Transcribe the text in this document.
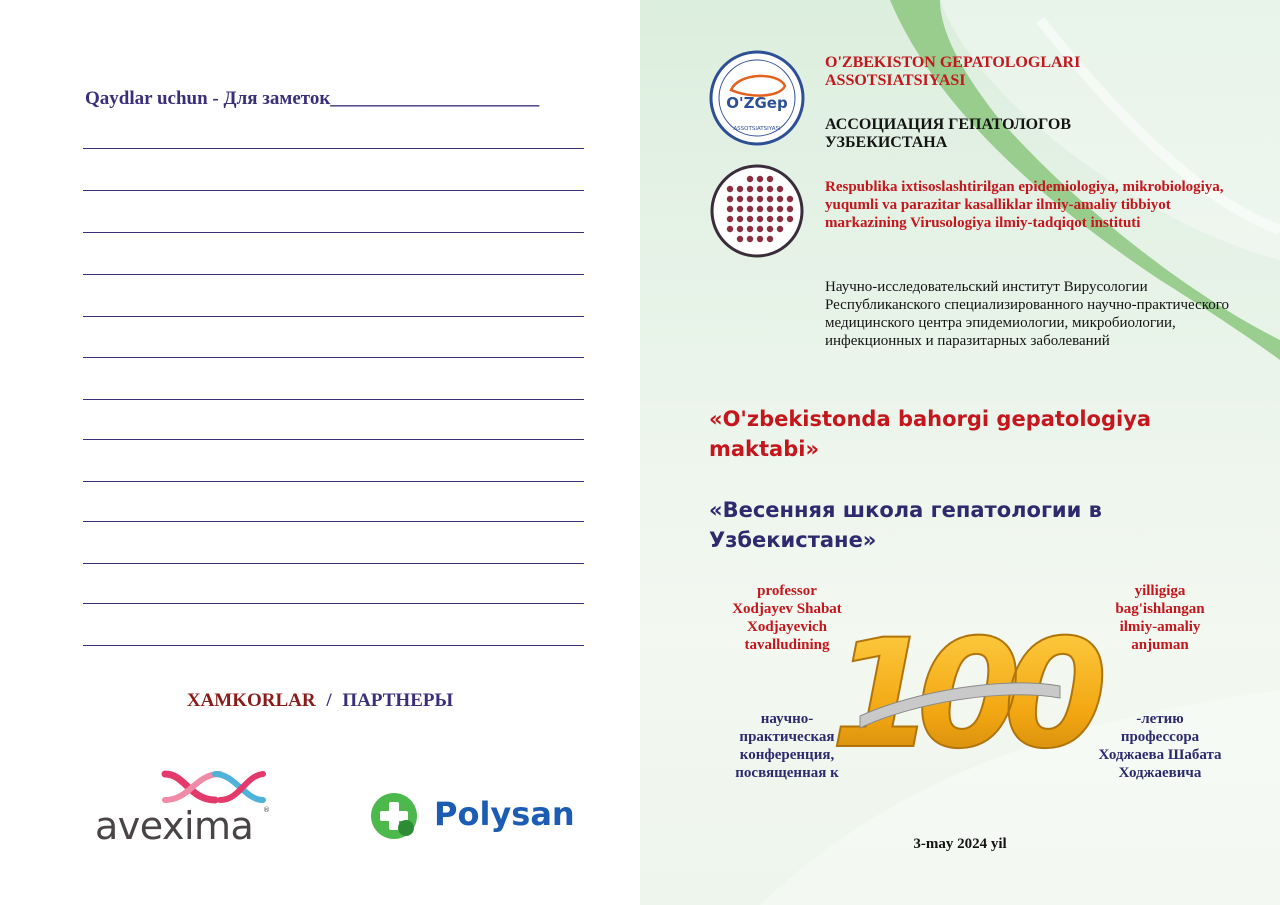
Qaydlar uchun - Для заметок______________________
XAMKORLAR / ПАРТНЕРЫ
avexima ®	Polysan
O'ZGep
ASSOTSIATSIYASI
O'ZBEKISTON GEPATOLOGLARI ASSOTSIATSIYASI
АССОЦИАЦИЯ ГЕПАТОЛОГОВ УЗБЕКИСТАНА
Respublika ixtisoslashtirilgan epidemiologiya, mikrobiologiya, yuqumli va parazitar kasalliklar ilmiy-amaliy tibbiyot markazining Virusologiya ilmiy-tadqiqot instituti
Научно-исследовательский институт Вирусологии Республиканского специализированного научно-практического медицинского центра эпидемиологии, микробиологии, инфекционных и паразитарных заболеваний
«O'zbekistonda bahorgi gepatologiya maktabi»
«Весенняя школа гепатологии в Узбекистане»
professor
Xodjayev Shabat
Xodjayevich
tavalludining
yilligiga
bag'ishlangan
ilmiy-amaliy
anjuman
научно-
практическая
конференция,
посвященная к
-летию
профессора
Ходжаева Шабата
Ходжаевича
100
3-may 2024 yil
